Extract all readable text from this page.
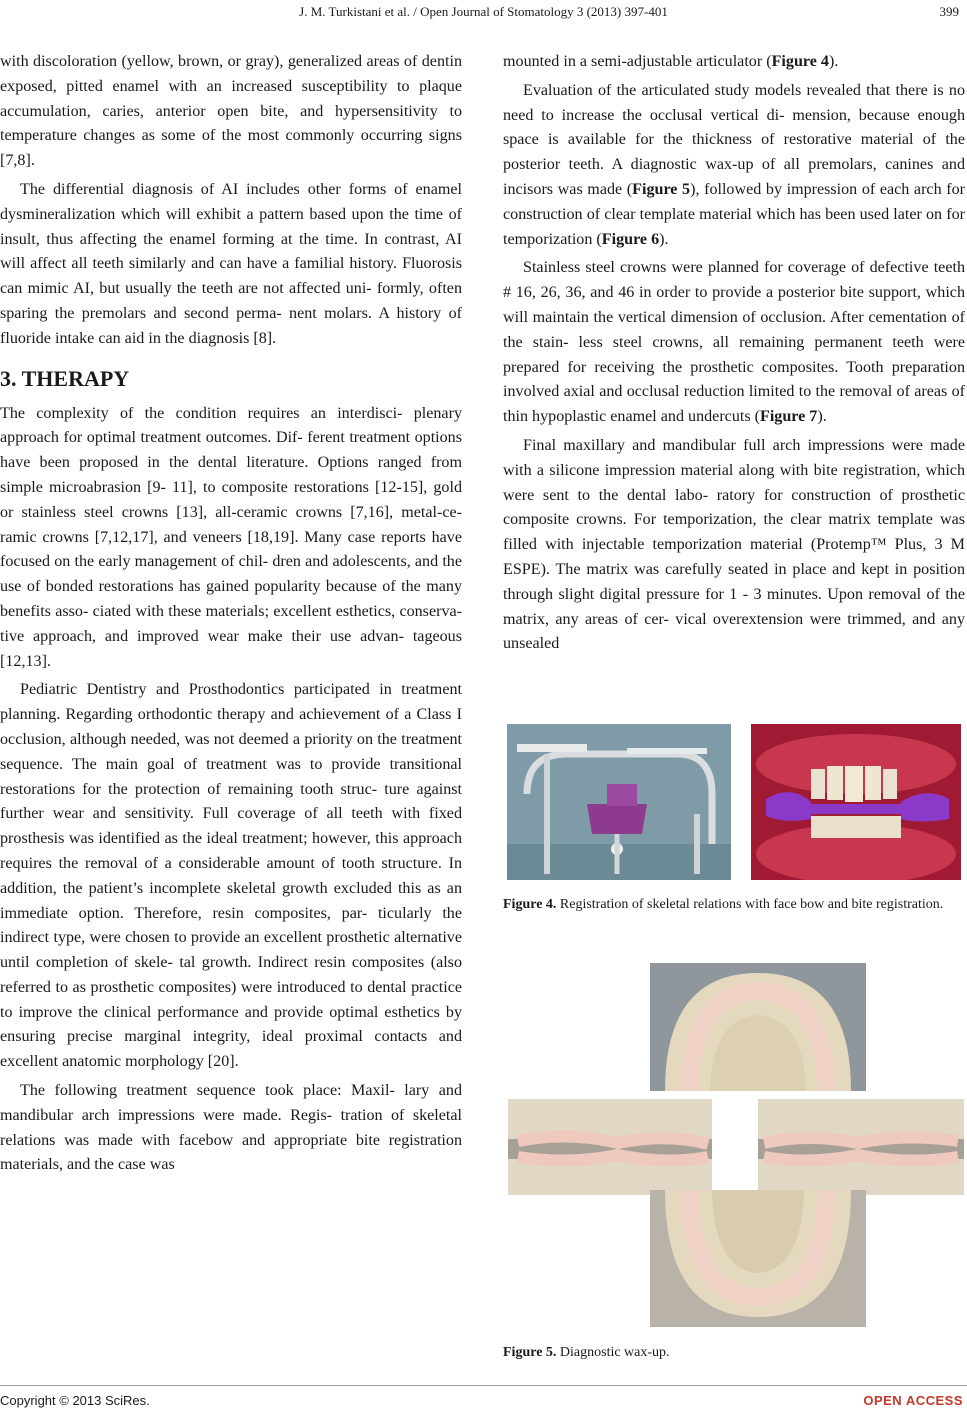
J. M. Turkistani et al. / Open Journal of Stomatology 3 (2013) 397-401	399

with discoloration (yellow, brown, or gray), generalized areas of dentin exposed, pitted enamel with an increased susceptibility to plaque accumulation, caries, anterior open bite, and hypersensitivity to temperature changes as some of the most commonly occurring signs [7,8].

The differential diagnosis of AI includes other forms of enamel dysmineralization which will exhibit a pattern based upon the time of insult, thus affecting the enamel forming at the time. In contrast, AI will affect all teeth similarly and can have a familial history. Fluorosis can mimic AI, but usually the teeth are not affected uni- formly, often sparing the premolars and second perma- nent molars. A history of fluoride intake can aid in the diagnosis [8].

3. THERAPY

The complexity of the condition requires an interdisci- plenary approach for optimal treatment outcomes. Dif- ferent treatment options have been proposed in the dental literature. Options ranged from simple microabrasion [9- 11], to composite restorations [12-15], gold or stainless steel crowns [13], all-ceramic crowns [7,16], metal-ce- ramic crowns [7,12,17], and veneers [18,19]. Many case reports have focused on the early management of chil- dren and adolescents, and the use of bonded restorations has gained popularity because of the many benefits asso- ciated with these materials; excellent esthetics, conserva- tive approach, and improved wear make their use advan- tageous [12,13].

Pediatric Dentistry and Prosthodontics participated in treatment planning. Regarding orthodontic therapy and achievement of a Class I occlusion, although needed, was not deemed a priority on the treatment sequence. The main goal of treatment was to provide transitional restorations for the protection of remaining tooth struc- ture against further wear and sensitivity. Full coverage of all teeth with fixed prosthesis was identified as the ideal treatment; however, this approach requires the removal of a considerable amount of tooth structure. In addition, the patient’s incomplete skeletal growth excluded this as an immediate option. Therefore, resin composites, par- ticularly the indirect type, were chosen to provide an excellent prosthetic alternative until completion of skele- tal growth. Indirect resin composites (also referred to as prosthetic composites) were introduced to dental practice to improve the clinical performance and provide optimal esthetics by ensuring precise marginal integrity, ideal proximal contacts and excellent anatomic morphology [20].

The following treatment sequence took place: Maxil- lary and mandibular arch impressions were made. Regis- tration of skeletal relations was made with facebow and appropriate bite registration materials, and the case was

mounted in a semi-adjustable articulator (Figure 4).

Evaluation of the articulated study models revealed that there is no need to increase the occlusal vertical di- mension, because enough space is available for the thickness of restorative material of the posterior teeth. A diagnostic wax-up of all premolars, canines and incisors was made (Figure 5), followed by impression of each arch for construction of clear template material which has been used later on for temporization (Figure 6).

Stainless steel crowns were planned for coverage of defective teeth # 16, 26, 36, and 46 in order to provide a posterior bite support, which will maintain the vertical dimension of occlusion. After cementation of the stain- less steel crowns, all remaining permanent teeth were prepared for receiving the prosthetic composites. Tooth preparation involved axial and occlusal reduction limited to the removal of areas of thin hypoplastic enamel and undercuts (Figure 7).

Final maxillary and mandibular full arch impressions were made with a silicone impression material along with bite registration, which were sent to the dental labo- ratory for construction of prosthetic composite crowns. For temporization, the clear matrix template was filled with injectable temporization material (Protemp™ Plus, 3 M ESPE). The matrix was carefully seated in place and kept in position through slight digital pressure for 1 - 3 minutes. Upon removal of the matrix, any areas of cer- vical overextension were trimmed, and any unsealed

Figure 4. Registration of skeletal relations with face bow and bite registration.
Figure 5. Diagnostic wax-up.
Copyright © 2013 SciRes.	OPEN ACCESS
